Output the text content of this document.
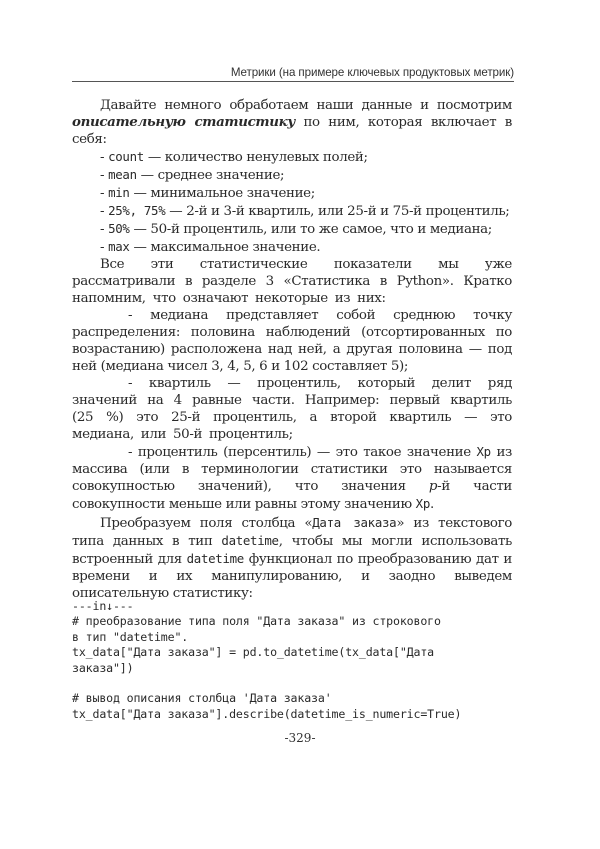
Метрики (на примере ключевых продуктовых метрик)

Давайте немного обработаем наши данные и посмотрим описательную статистику по ним, которая включает в себя:

- count — количество ненулевых полей;

- mean — среднее значение;

- min — минимальное значение;

- 25%, 75% — 2-й и 3-й квартиль, или 25-й и 75-й процентиль;

- 50% — 50-й процентиль, или то же самое, что и медиана;

- max — максимальное значение.

Все эти статистические показатели мы уже рассматривали в разделе 3 «Статистика в Python». Кратко напомним, что означают некоторые из них:

- медиана представляет собой среднюю точку распределения: половина наблюдений (отсортированных по возрастанию) расположена над ней, а другая половина — под ней (медиана чисел 3, 4, 5, 6 и 102 составляет 5);

- квартиль — процентиль, который делит ряд значений на 4 равные части. Например: первый квартиль (25 %) это 25-й процентиль, а второй квартиль — это медиана, или 50-й процентиль;

- процентиль (персентиль) — это такое значение Xp из массива (или в терминологии статистики это называется совокупностью значений), что значения p-й части совокупности меньше или равны этому значению Xp.

Преобразуем поля столбца «Дата заказа» из текстового типа данных в тип datetime, чтобы мы могли использовать встроенный для datetime функционал по преобразованию дат и времени и их манипулированию, и заодно выведем описательную статистику:

---in↓---
# преобразование типа поля "Дата заказа" из строкового
в тип "datetime".
tx_data["Дата заказа"] = pd.to_datetime(tx_data["Дата
заказа"])

# вывод описания столбца 'Дата заказа'
tx_data["Дата заказа"].describe(datetime_is_numeric=True)
-329-
